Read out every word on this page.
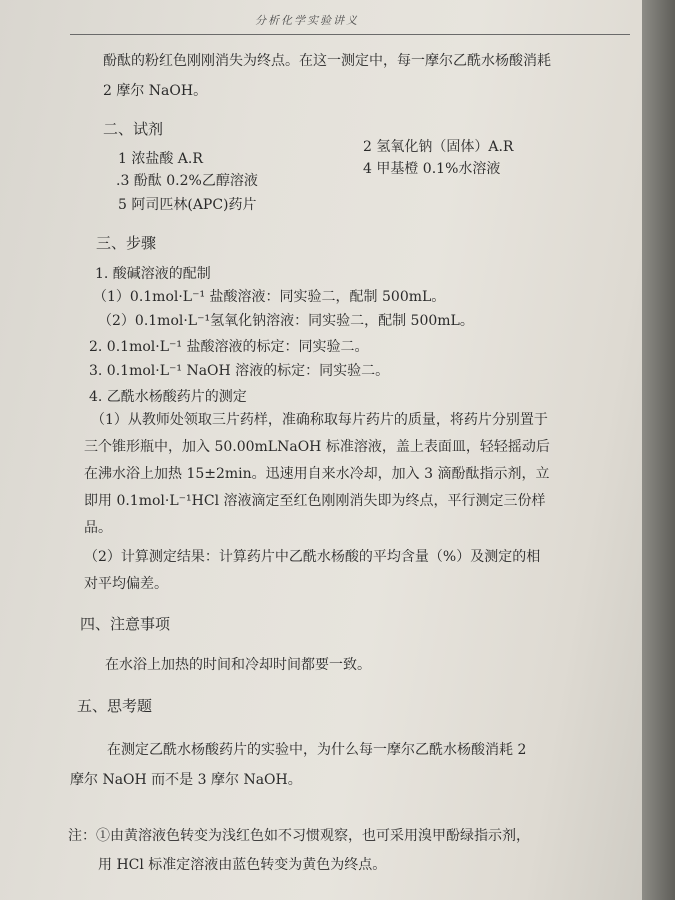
分析化学实验讲义
酚酞的粉红色刚刚消失为终点。在这一测定中，每一摩尔乙酰水杨酸消耗
2 摩尔 NaOH。
二、试剂
1 浓盐酸 A.R
2 氢氧化钠（固体）A.R
.3 酚酞 0.2%乙醇溶液
4 甲基橙 0.1%水溶液
5 阿司匹林(APC)药片
三、步骤
1. 酸碱溶液的配制
（1）0.1mol·L⁻¹ 盐酸溶液：同实验二，配制 500mL。
（2）0.1mol·L⁻¹氢氧化钠溶液：同实验二，配制 500mL。
2. 0.1mol·L⁻¹ 盐酸溶液的标定：同实验二。
3. 0.1mol·L⁻¹ NaOH 溶液的标定：同实验二。
4. 乙酰水杨酸药片的测定
（1）从教师处领取三片药样，准确称取每片药片的质量，将药片分别置于
三个锥形瓶中，加入 50.00mLNaOH 标准溶液，盖上表面皿，轻轻摇动后
在沸水浴上加热 15±2min。迅速用自来水冷却，加入 3 滴酚酞指示剂，立
即用 0.1mol·L⁻¹HCl 溶液滴定至红色刚刚消失即为终点，平行测定三份样
品。
（2）计算测定结果：计算药片中乙酰水杨酸的平均含量（%）及测定的相
对平均偏差。
四、注意事项
在水浴上加热的时间和冷却时间都要一致。
五、思考题
在测定乙酰水杨酸药片的实验中，为什么每一摩尔乙酰水杨酸消耗 2
摩尔 NaOH 而不是 3 摩尔 NaOH。
注：①由黄溶液色转变为浅红色如不习惯观察，也可采用溴甲酚绿指示剂，
用 HCl 标准定溶液由蓝色转变为黄色为终点。
